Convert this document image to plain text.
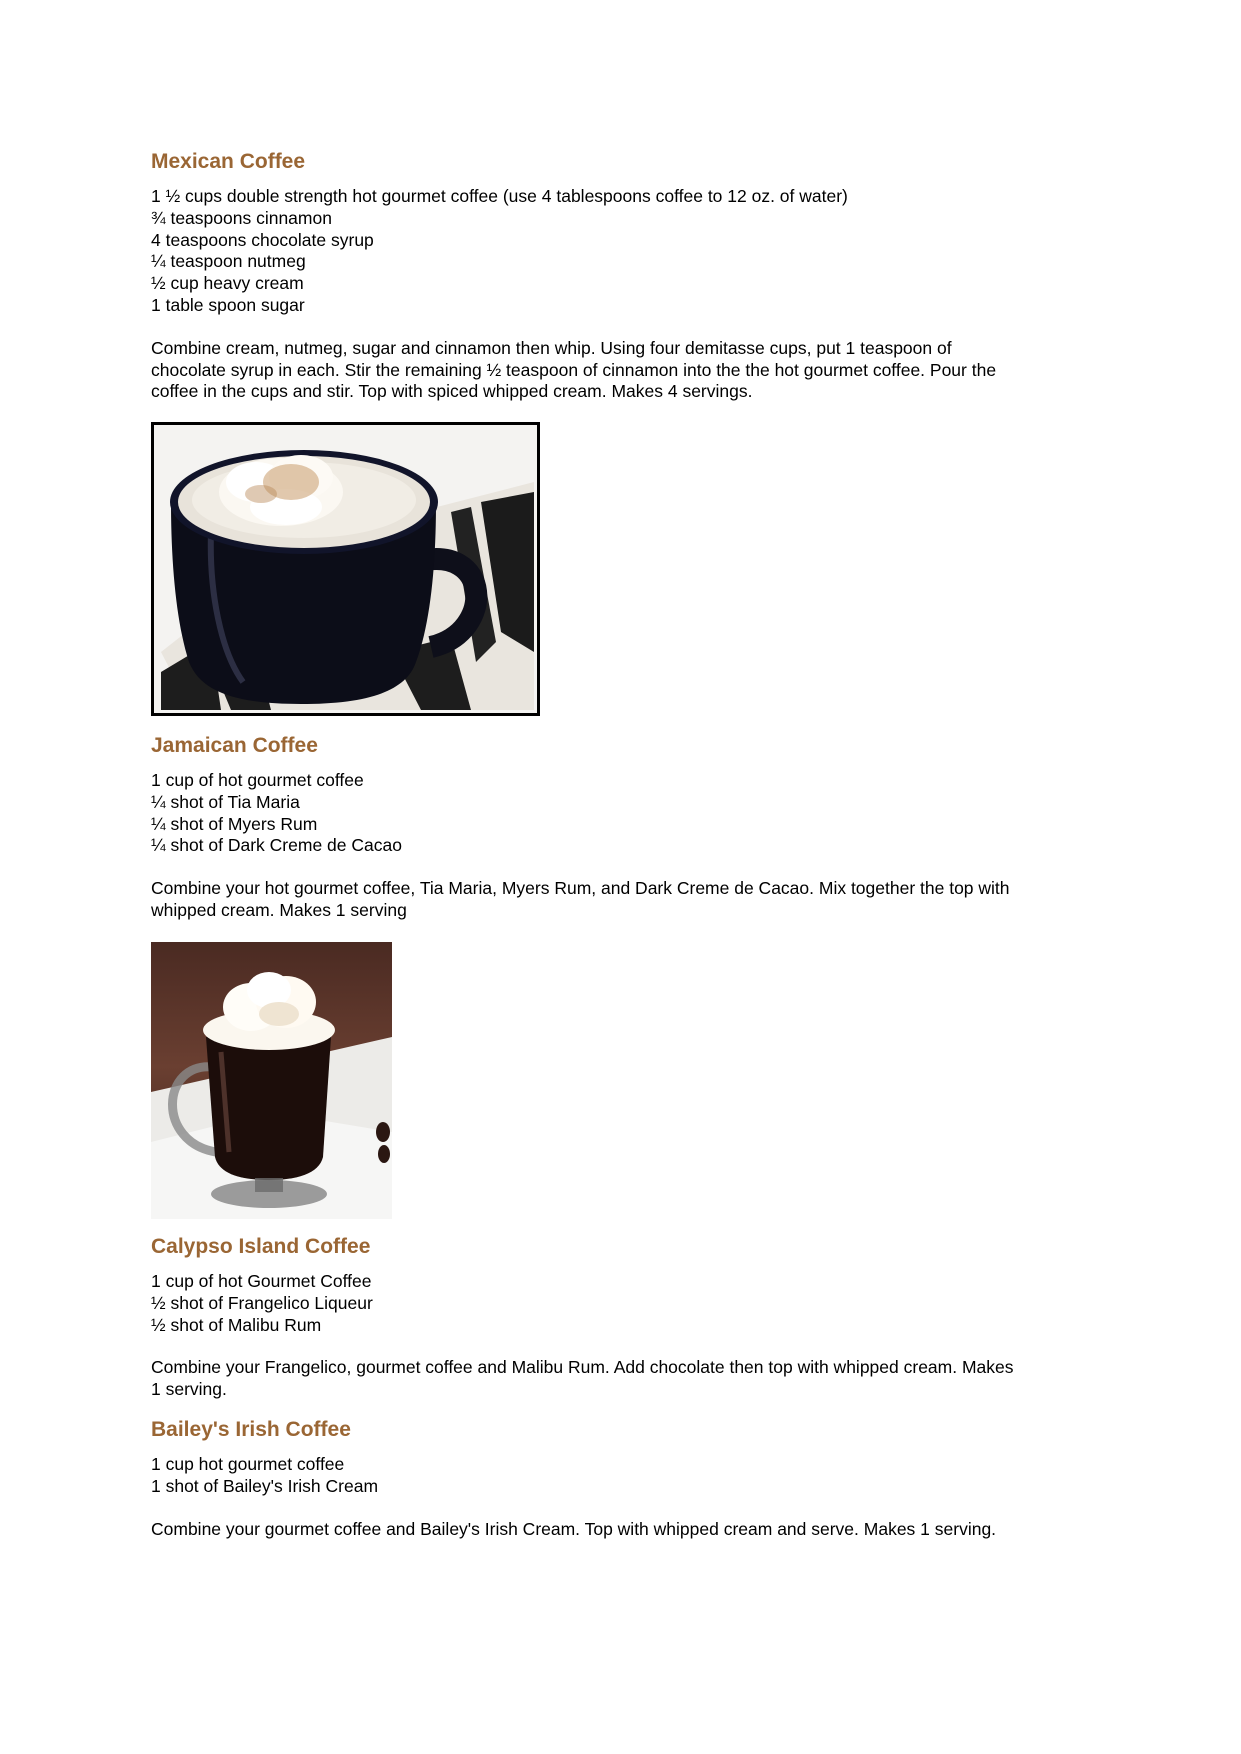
Mexican Coffee
1 ½ cups double strength hot gourmet coffee (use 4 tablespoons coffee to 12 oz. of water)
¾ teaspoons cinnamon
4 teaspoons chocolate syrup
¼ teaspoon nutmeg
½ cup heavy cream
1 table spoon sugar

Combine cream, nutmeg, sugar and cinnamon then whip. Using four demitasse cups, put 1 teaspoon of
chocolate syrup in each. Stir the remaining ½ teaspoon of cinnamon into the the hot gourmet coffee. Pour the
coffee in the cups and stir. Top with spiced whipped cream. Makes 4 servings.

Jamaican Coffee
1 cup of hot gourmet coffee
¼ shot of Tia Maria
¼ shot of Myers Rum
¼ shot of Dark Creme de Cacao

Combine your hot gourmet coffee, Tia Maria, Myers Rum, and Dark Creme de Cacao. Mix together the top with
whipped cream. Makes 1 serving

Calypso Island Coffee
1 cup of hot Gourmet Coffee
½ shot of Frangelico Liqueur
½ shot of Malibu Rum

Combine your Frangelico, gourmet coffee and Malibu Rum. Add chocolate then top with whipped cream. Makes
1 serving.

Bailey's Irish Coffee
1 cup hot gourmet coffee
1 shot of Bailey's Irish Cream

Combine your gourmet coffee and Bailey's Irish Cream. Top with whipped cream and serve. Makes 1 serving.
